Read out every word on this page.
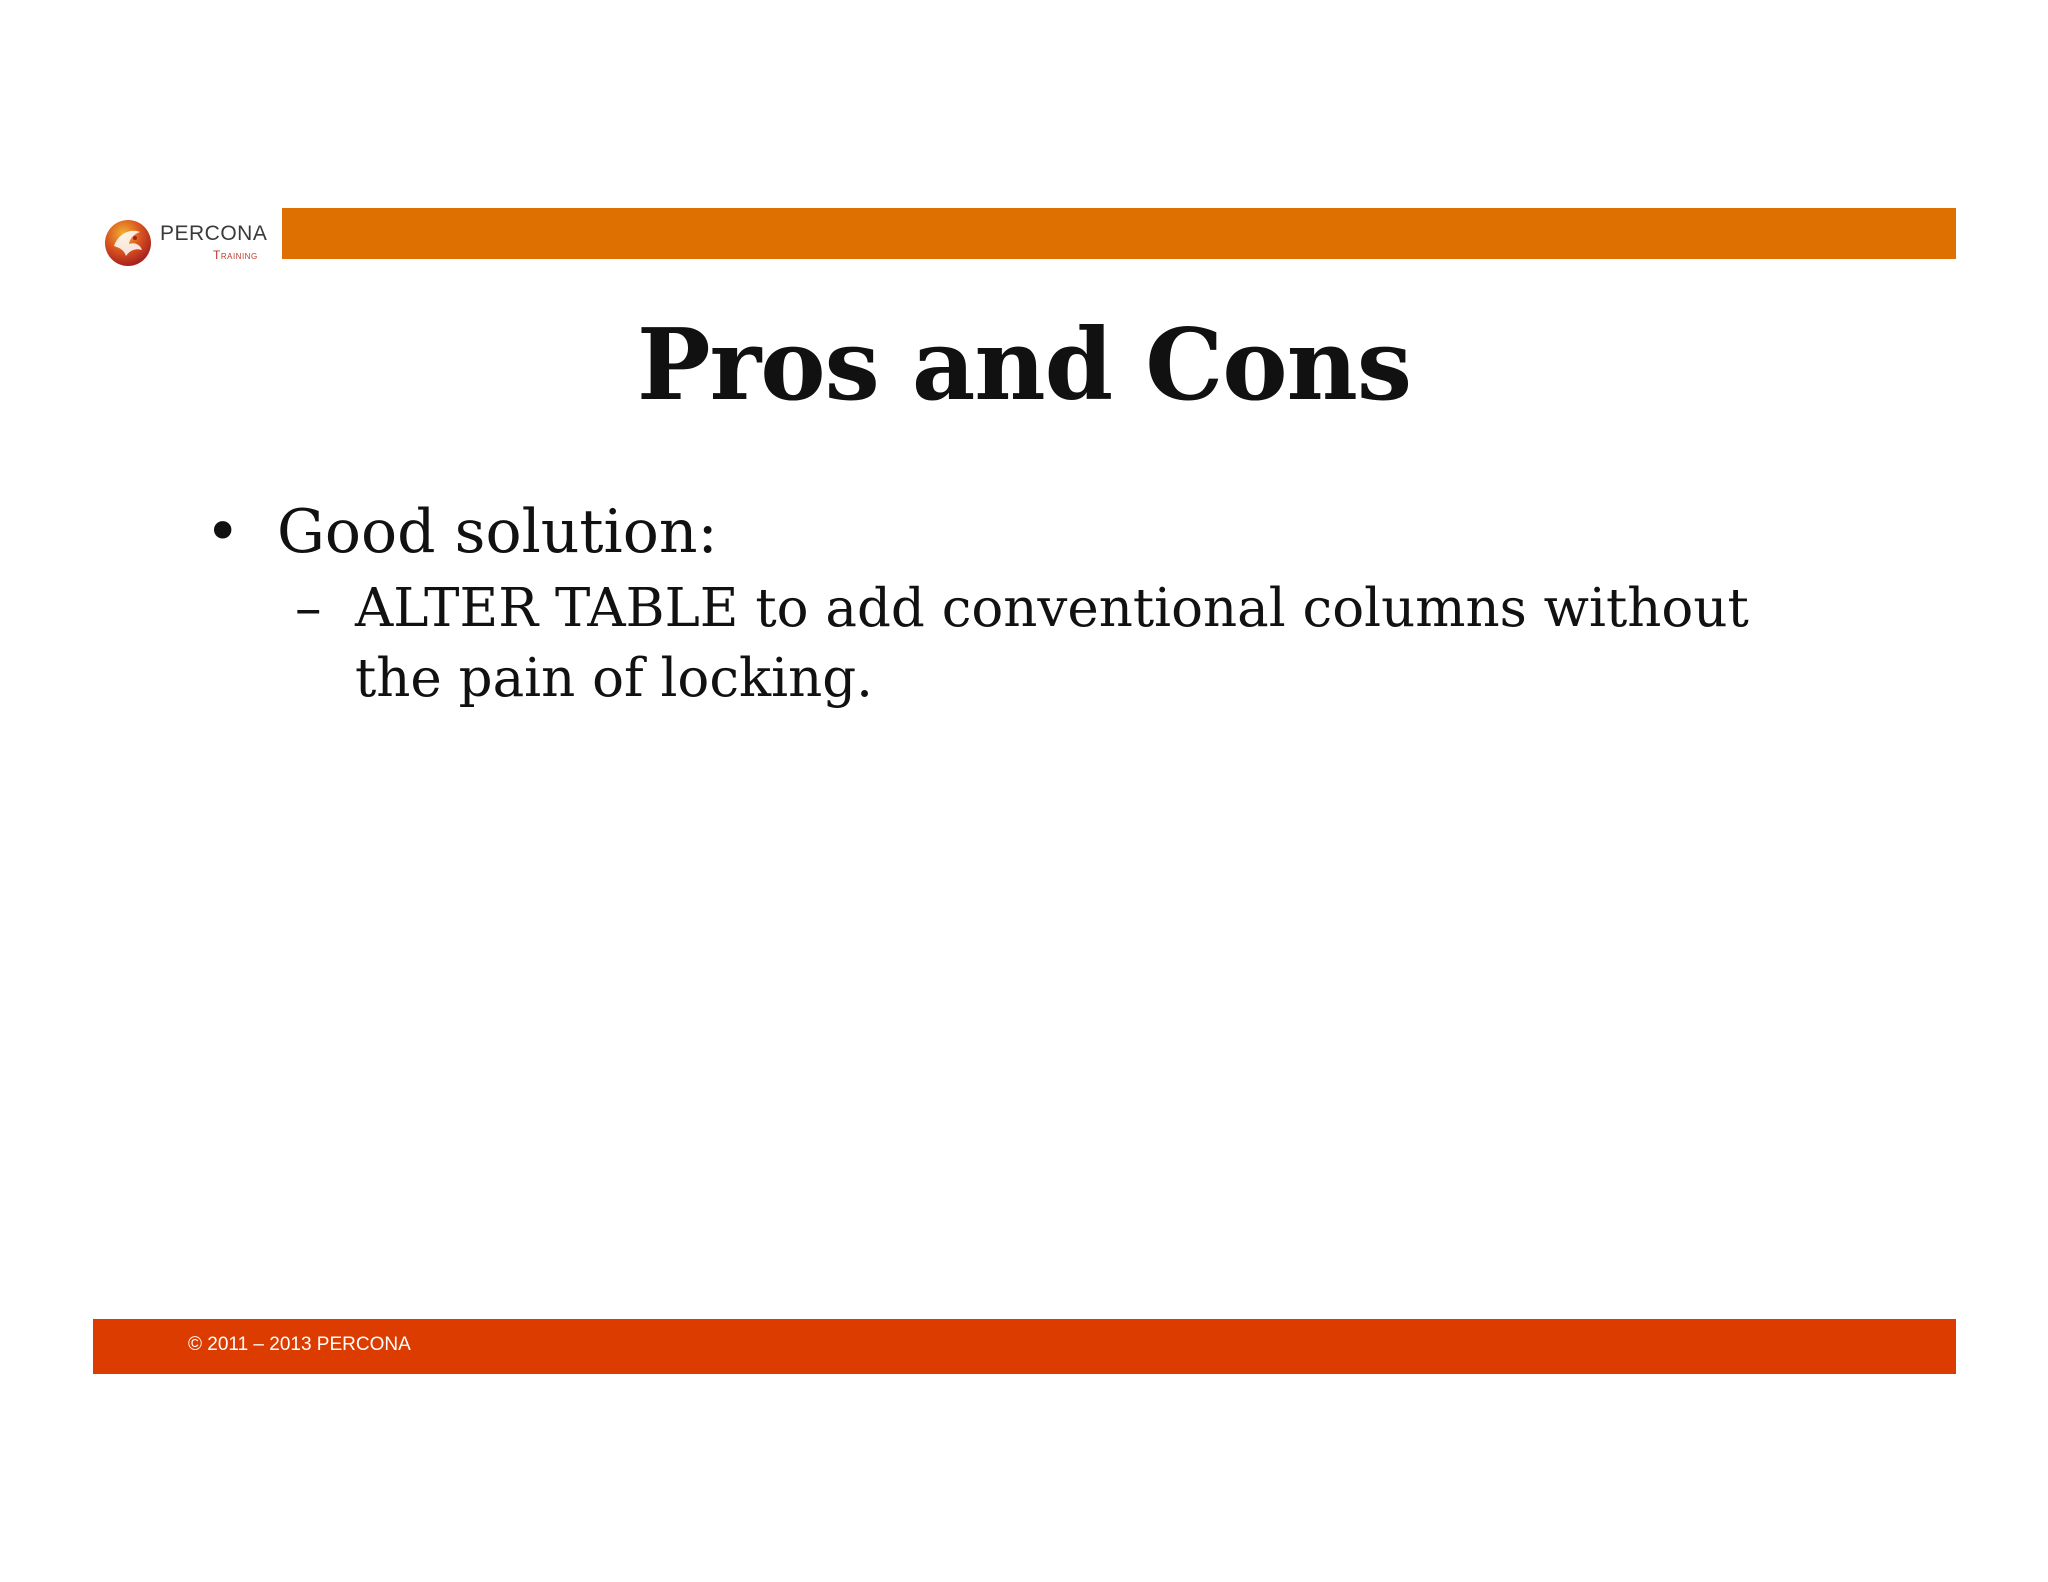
PERCONA
Training
Pros and Cons
• Good solution:
– ALTER TABLE to add conventional columns without the pain of locking.
© 2011 – 2013 PERCONA
